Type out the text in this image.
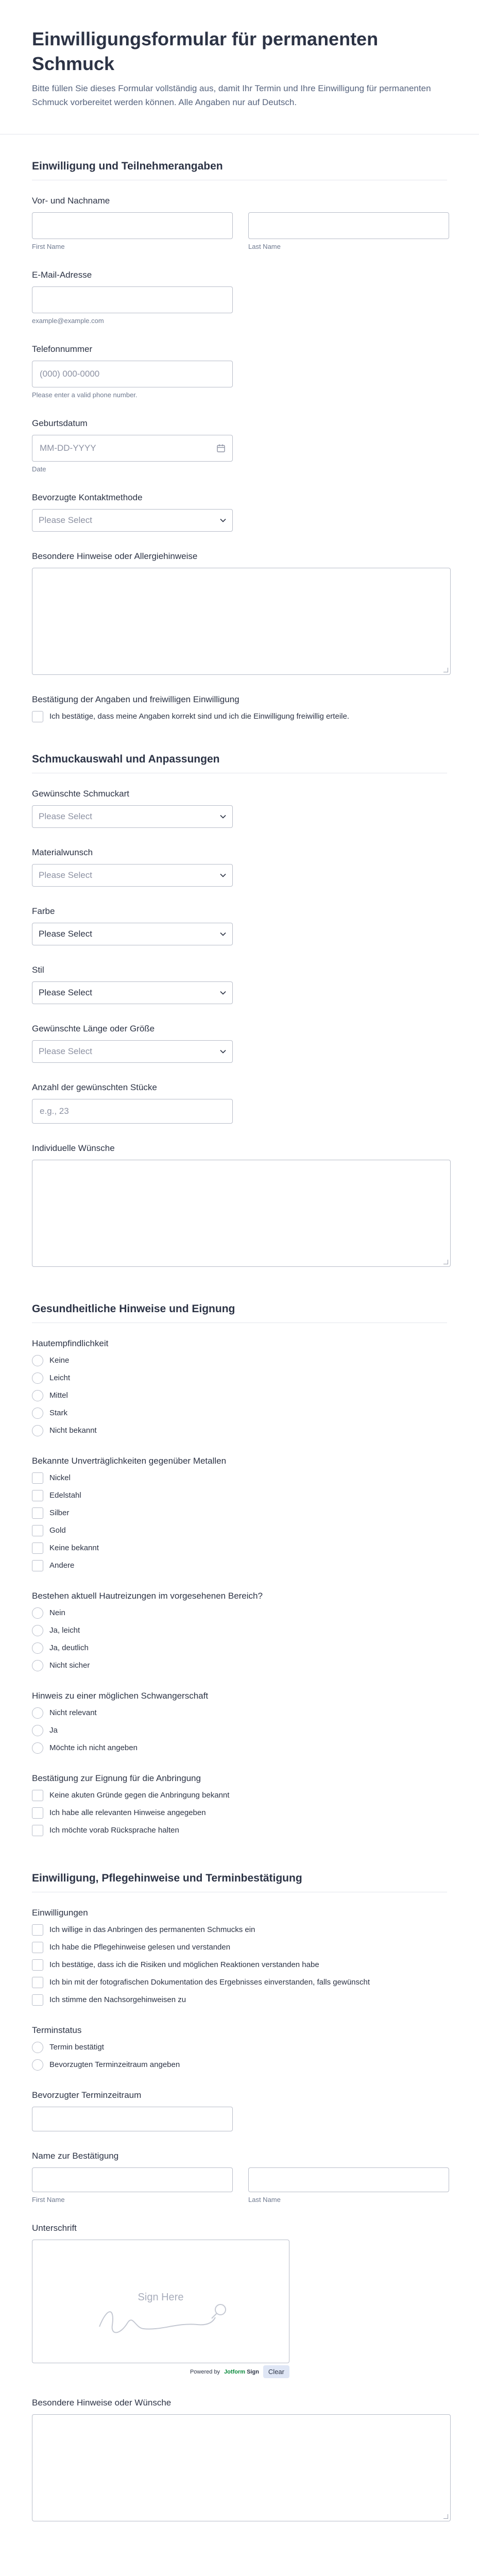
Einwilligungsformular für permanenten Schmuck

Bitte füllen Sie dieses Formular vollständig aus, damit Ihr Termin und Ihre Einwilligung für permanenten Schmuck vorbereitet werden können. Alle Angaben nur auf Deutsch.

Einwilligung und Teilnehmerangaben
Vor- und Nachname
First Name	Last Name
E-Mail-Adresse
example@example.com
Telefonnummer
(000) 000-0000
Please enter a valid phone number.
Geburtsdatum
MM-DD-YYYY
Date
Bevorzugte Kontaktmethode
Please Select
Besondere Hinweise oder Allergiehinweise
Bestätigung der Angaben und freiwilligen Einwilligung
Ich bestätige, dass meine Angaben korrekt sind und ich die Einwilligung freiwillig erteile.
Schmuckauswahl und Anpassungen
Gewünschte Schmuckart
Please Select
Materialwunsch
Please Select
Farbe
Please Select
Stil
Please Select
Gewünschte Länge oder Größe
Please Select
Anzahl der gewünschten Stücke
e.g., 23
Individuelle Wünsche
Gesundheitliche Hinweise und Eignung
Hautempfindlichkeit
Keine
Leicht
Mittel
Stark
Nicht bekannt
Bekannte Unverträglichkeiten gegenüber Metallen
Nickel
Edelstahl
Silber
Gold
Keine bekannt
Andere
Bestehen aktuell Hautreizungen im vorgesehenen Bereich?
Nein
Ja, leicht
Ja, deutlich
Nicht sicher
Hinweis zu einer möglichen Schwangerschaft
Nicht relevant
Ja
Möchte ich nicht angeben
Bestätigung zur Eignung für die Anbringung
Keine akuten Gründe gegen die Anbringung bekannt
Ich habe alle relevanten Hinweise angegeben
Ich möchte vorab Rücksprache halten
Einwilligung, Pflegehinweise und Terminbestätigung
Einwilligungen
Ich willige in das Anbringen des permanenten Schmucks ein
Ich habe die Pflegehinweise gelesen und verstanden
Ich bestätige, dass ich die Risiken und möglichen Reaktionen verstanden habe
Ich bin mit der fotografischen Dokumentation des Ergebnisses einverstanden, falls gewünscht
Ich stimme den Nachsorgehinweisen zu
Terminstatus
Termin bestätigt
Bevorzugten Terminzeitraum angeben
Bevorzugter Terminzeitraum
Name zur Bestätigung
First Name	Last Name
Unterschrift
Sign Here
Powered by Jotform Sign	Clear
Besondere Hinweise oder Wünsche
